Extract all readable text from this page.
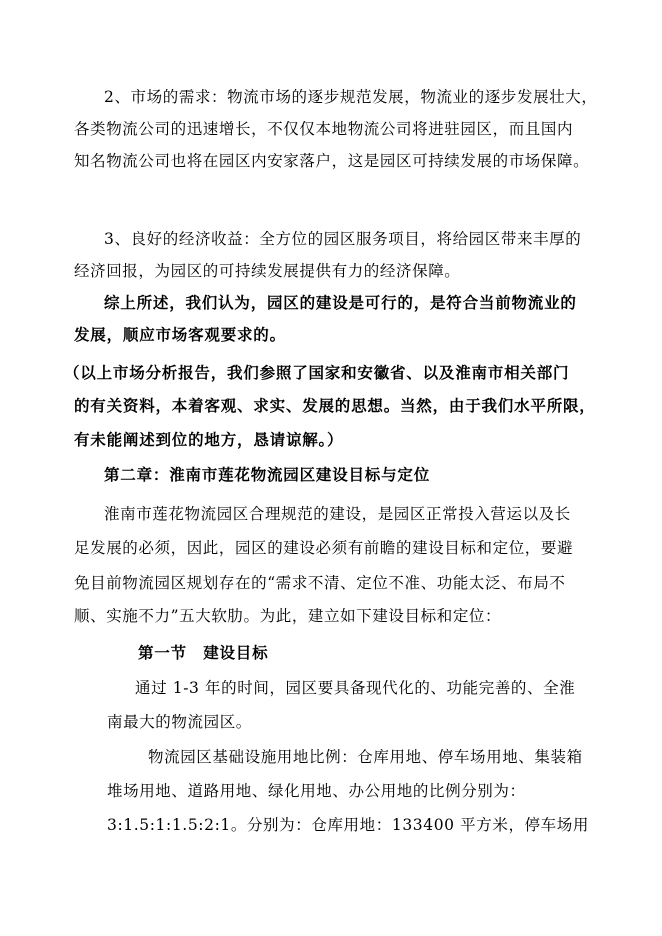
2、市场的需求：物流市场的逐步规范发展，物流业的逐步发展壮大，

各类物流公司的迅速增长，不仅仅本地物流公司将进驻园区，而且国内

知名物流公司也将在园区内安家落户，这是园区可持续发展的市场保障。

3、良好的经济收益：全方位的园区服务项目，将给园区带来丰厚的

经济回报，为园区的可持续发展提供有力的经济保障。

综上所述，我们认为，园区的建设是可行的，是符合当前物流业的

发展，顺应市场客观要求的。

（以上市场分析报告，我们参照了国家和安徽省、以及淮南市相关部门

的有关资料，本着客观、求实、发展的思想。当然，由于我们水平所限，

有未能阐述到位的地方，恳请谅解。）

第二章：淮南市莲花物流园区建设目标与定位

淮南市莲花物流园区合理规范的建设，是园区正常投入营运以及长

足发展的必须，因此，园区的建设必须有前瞻的建设目标和定位，要避

免目前物流园区规划存在的“需求不清、定位不准、功能太泛、布局不

顺、实施不力”五大软肋。为此，建立如下建设目标和定位：

第一节　建设目标

通过 1-3 年的时间，园区要具备现代化的、功能完善的、全淮

南最大的物流园区。

物流园区基础设施用地比例：仓库用地、停车场用地、集装箱

堆场用地、道路用地、绿化用地、办公用地的比例分别为：

3:1.5:1:1.5:2:1。分别为：仓库用地：133400 平方米，停车场用
